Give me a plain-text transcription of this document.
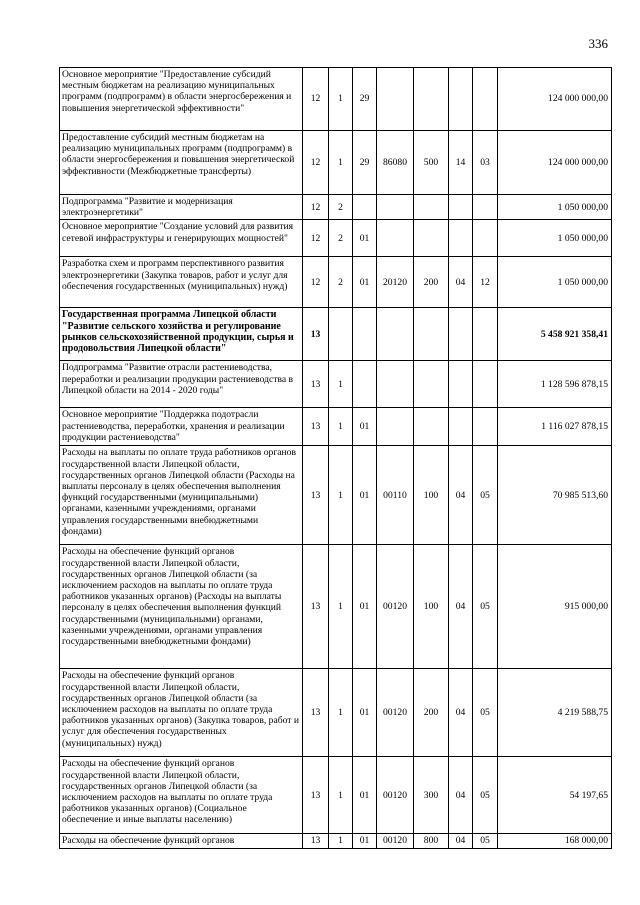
336
Основное мероприятие "Предоставление субсидий местным бюджетам на реализацию муниципальных программ (подпрограмм) в области энергосбережения и повышения энергетической эффективности"	12	1	29					124 000 000,00
Предоставление субсидий местным бюджетам на реализацию муниципальных программ (подпрограмм) в области энергосбережения и повышения энергетической эффективности (Межбюджетные трансферты)	12	1	29	86080	500	14	03	124 000 000,00
Подпрограмма "Развитие и модернизация электроэнергетики"	12	2						1 050 000,00
Основное мероприятие "Создание условий для развития сетевой инфраструктуры и генерирующих мощностей"	12	2	01					1 050 000,00
Разработка схем и программ перспективного развития электроэнергетики (Закупка товаров, работ и услуг для обеспечения государственных (муниципальных) нужд)	12	2	01	20120	200	04	12	1 050 000,00
Государственная программа Липецкой области "Развитие сельского хозяйства и регулирование рынков сельскохозяйственной продукции, сырья и продовольствия Липецкой области"	13							5 458 921 358,41
Подпрограмма "Развитие отрасли растениеводства, переработки и реализации продукции растениеводства в Липецкой области на 2014 - 2020 годы"	13	1						1 128 596 878,15
Основное мероприятие "Поддержка подотрасли растениеводства, переработки, хранения и реализации продукции растениеводства"	13	1	01					1 116 027 878,15
Расходы на выплаты по оплате труда работников органов государственной власти Липецкой области, государственных органов Липецкой области (Расходы на выплаты персоналу в целях обеспечения выполнения функций государственными (муниципальными) органами, казенными учреждениями, органами управления государственными внебюджетными фондами)	13	1	01	00110	100	04	05	70 985 513,60
Расходы на обеспечение функций органов государственной власти Липецкой области, государственных органов Липецкой области (за исключением расходов на выплаты по оплате труда работников указанных органов) (Расходы на выплаты персоналу в целях обеспечения выполнения функций государственными (муниципальными) органами, казенными учреждениями, органами управления государственными внебюджетными фондами)	13	1	01	00120	100	04	05	915 000,00
Расходы на обеспечение функций органов государственной власти Липецкой области, государственных органов Липецкой области (за исключением расходов на выплаты по оплате труда работников указанных органов) (Закупка товаров, работ и услуг для обеспечения государственных (муниципальных) нужд)	13	1	01	00120	200	04	05	4 219 588,75
Расходы на обеспечение функций органов государственной власти Липецкой области, государственных органов Липецкой области (за исключением расходов на выплаты по оплате труда работников указанных органов) (Социальное обеспечение и иные выплаты населению)	13	1	01	00120	300	04	05	54 197,65
Расходы на обеспечение функций органов	13	1	01	00120	800	04	05	168 000,00
